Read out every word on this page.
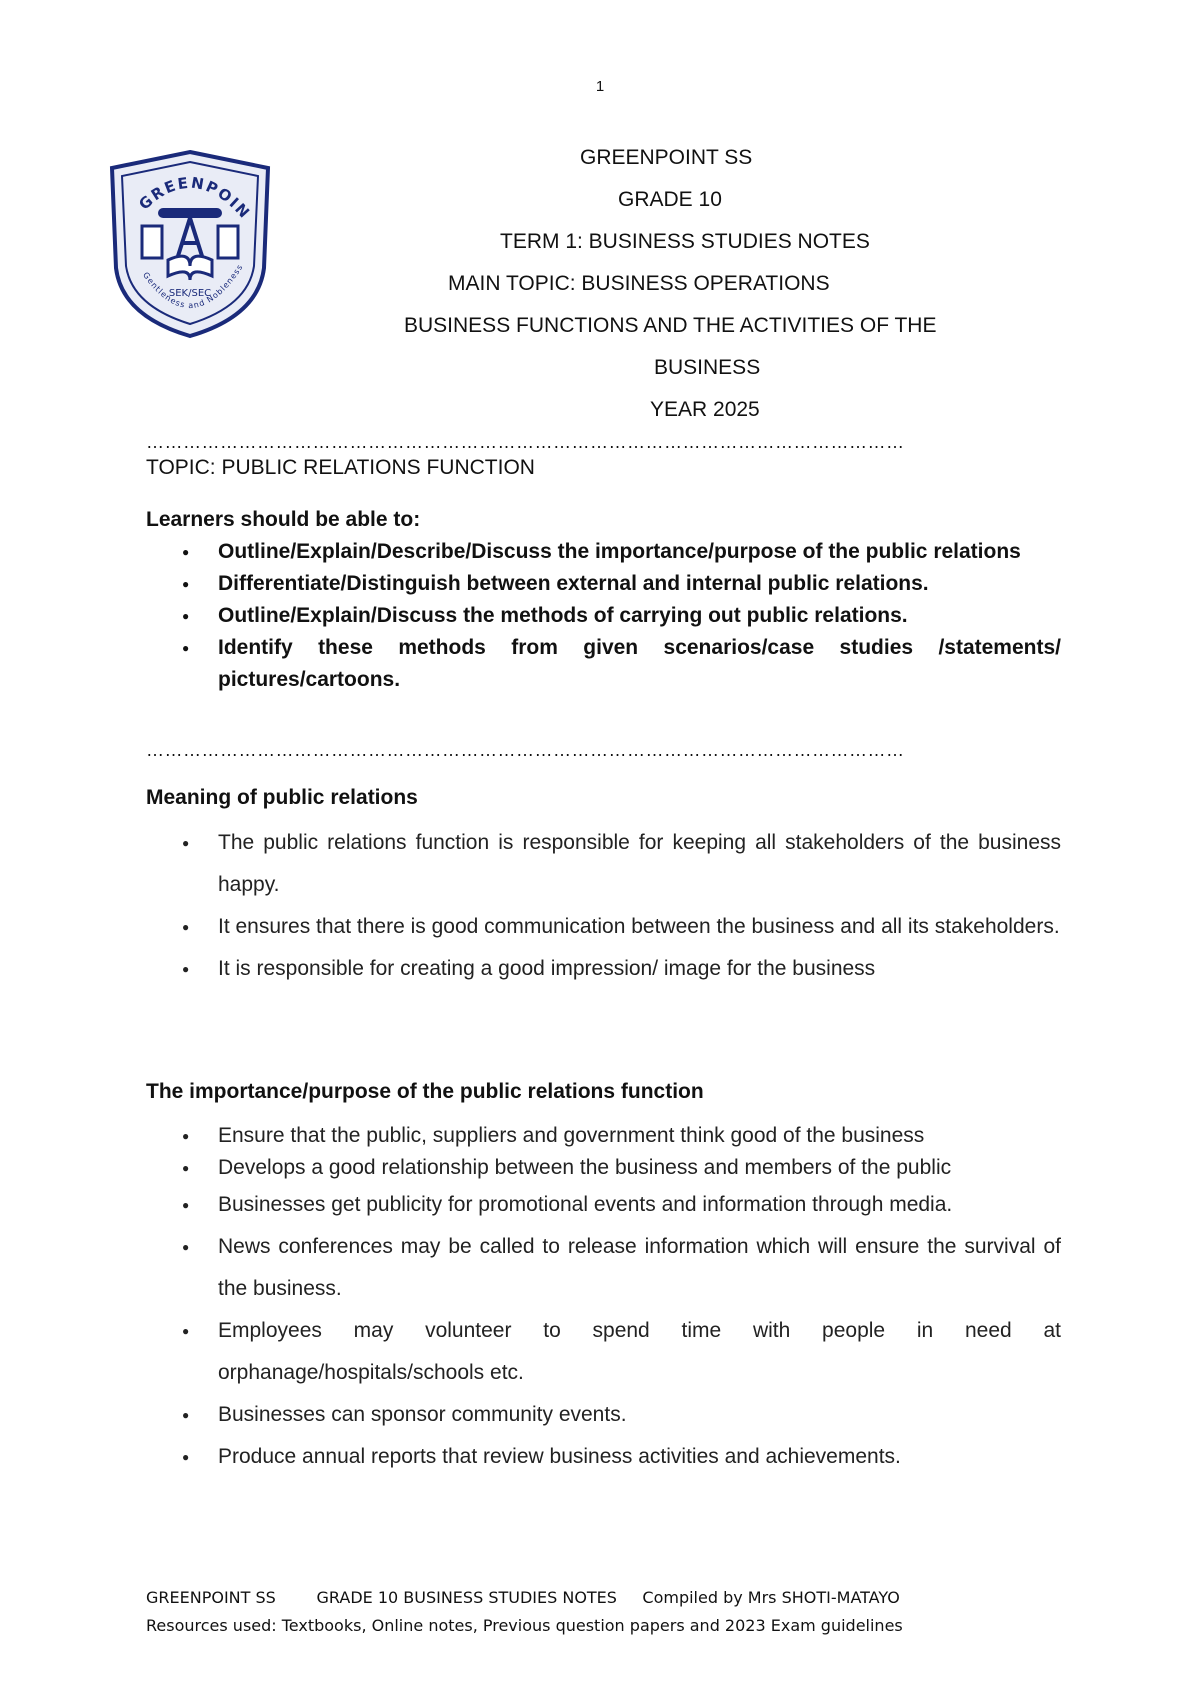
1
GREENPOIN
SEK/SEC
Gentleness and Nobleness
GREENPOINT SS
GRADE 10
TERM 1: BUSINESS STUDIES NOTES
MAIN TOPIC: BUSINESS OPERATIONS
BUSINESS FUNCTIONS AND THE ACTIVITIES OF THE
BUSINESS
YEAR 2025
……………………………………………………………………………………………………………
TOPIC: PUBLIC RELATIONS FUNCTION
Learners should be able to:
● Outline/Explain/Describe/Discuss the importance/purpose of the public relations
● Differentiate/Distinguish between external and internal public relations.
● Outline/Explain/Discuss the methods of carrying out public relations.
● Identify these methods from given scenarios/case studies /statements/ pictures/cartoons.
……………………………………………………………………………………………………………
Meaning of public relations
● The public relations function is responsible for keeping all stakeholders of the business happy.
● It ensures that there is good communication between the business and all its stakeholders.
● It is responsible for creating a good impression/ image for the business
The importance/purpose of the public relations function
● Ensure that the public, suppliers and government think good of the business
● Develops a good relationship between the business and members of the public
● Businesses get publicity for promotional events and information through media.
● News conferences may be called to release information which will ensure the survival of the business.
● Employees may volunteer to spend time with people in need at orphanage/hospitals/schools etc.
● Businesses can sponsor community events.
● Produce annual reports that review business activities and achievements.
GREENPOINT SS	GRADE 10 BUSINESS STUDIES NOTES Compiled by Mrs SHOTI-MATAYO
Resources used: Textbooks, Online notes, Previous question papers and 2023 Exam guidelines
